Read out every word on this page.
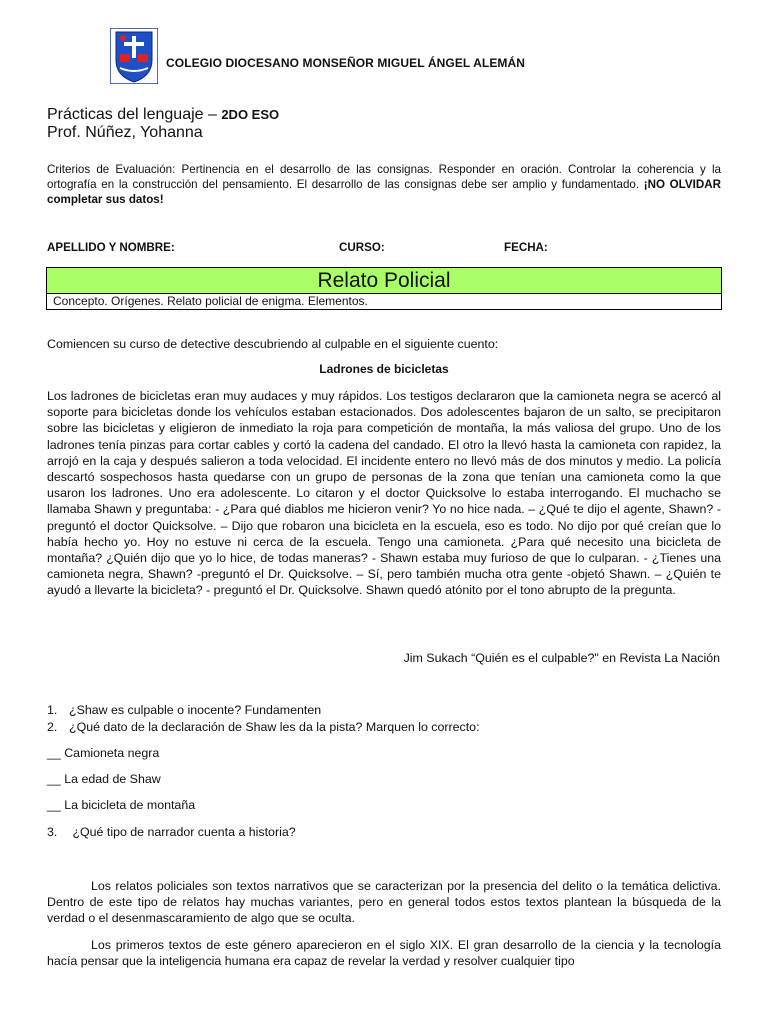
COLEGIO DIOCESANO MONSEÑOR MIGUEL ÁNGEL ALEMÁN
Prácticas del lenguaje – 2DO ESO
Prof. Núñez, Yohanna
Criterios de Evaluación: Pertinencia en el desarrollo de las consignas. Responder en oración. Controlar la coherencia y la ortografía en la construcción del pensamiento. El desarrollo de las consignas debe ser amplio y fundamentado. ¡NO OLVIDAR completar sus datos!
APELLIDO Y NOMBRE:	CURSO:	FECHA:
Relato Policial
Concepto. Orígenes. Relato policial de enigma. Elementos.
Comiencen su curso de detective descubriendo al culpable en el siguiente cuento:
Ladrones de bicicletas
Los ladrones de bicicletas eran muy audaces y muy rápidos. Los testigos declararon que la camioneta negra se acercó al soporte para bicicletas donde los vehículos estaban estacionados. Dos adolescentes bajaron de un salto, se precipitaron sobre las bicicletas y eligieron de inmediato la roja para competición de montaña, la más valiosa del grupo. Uno de los ladrones tenía pinzas para cortar cables y cortó la cadena del candado. El otro la llevó hasta la camioneta con rapidez, la arrojó en la caja y después salieron a toda velocidad. El incidente entero no llevó más de dos minutos y medio. La policía descartó sospechosos hasta quedarse con un grupo de personas de la zona que tenían una camioneta como la que usaron los ladrones. Uno era adolescente. Lo citaron y el doctor Quicksolve lo estaba interrogando. El muchacho se llamaba Shawn y preguntaba: - ¿Para qué diablos me hicieron venir? Yo no hice nada. – ¿Qué te dijo el agente, Shawn? - preguntó el doctor Quicksolve. – Dijo que robaron una bicicleta en la escuela, eso es todo. No dijo por qué creían que lo había hecho yo. Hoy no estuve ni cerca de la escuela. Tengo una camioneta. ¿Para qué necesito una bicicleta de montaña? ¿Quién dijo que yo lo hice, de todas maneras? - Shawn estaba muy furioso de que lo culparan. - ¿Tienes una camioneta negra, Shawn? -preguntó el Dr. Quicksolve. – Sí, pero también mucha otra gente -objetó Shawn. – ¿Quién te ayudó a llevarte la bicicleta? - preguntó el Dr. Quicksolve. Shawn quedó atónito por el tono abrupto de la pregunta.
Jim Sukach “Quién es el culpable?" en Revista La Nación
1. ¿Shaw es culpable o inocente? Fundamenten
2. ¿Qué dato de la declaración de Shaw les da la pista? Marquen lo correcto:
__ Camioneta negra
__ La edad de Shaw
__ La bicicleta de montaña
3. ¿Qué tipo de narrador cuenta a historia?
Los relatos policiales son textos narrativos que se caracterizan por la presencia del delito o la temática delictiva. Dentro de este tipo de relatos hay muchas variantes, pero en general todos estos textos plantean la búsqueda de la verdad o el desenmascaramiento de algo que se oculta.
Los primeros textos de este género aparecieron en el siglo XIX. El gran desarrollo de la ciencia y la tecnología hacía pensar que la inteligencia humana era capaz de revelar la verdad y resolver cualquier tipo
